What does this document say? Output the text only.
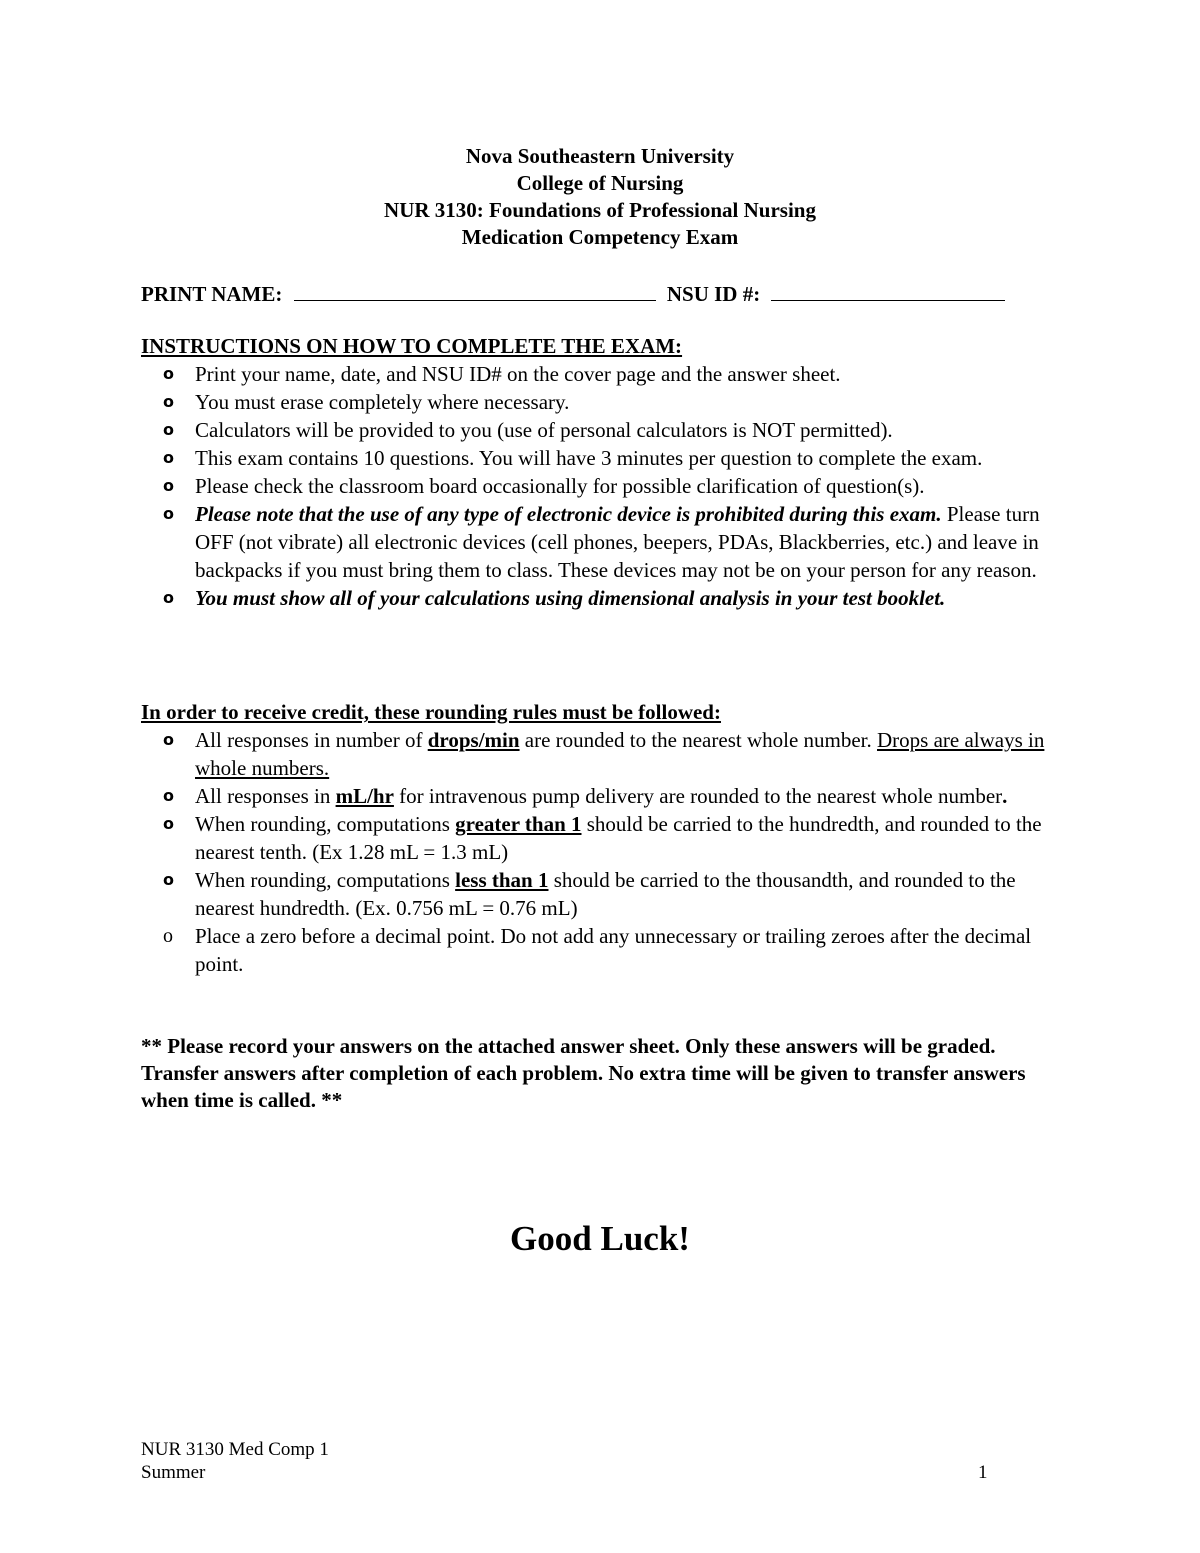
Nova Southeastern University
College of Nursing
NUR 3130: Foundations of Professional Nursing
Medication Competency Exam
PRINT NAME:	NSU ID #:
INSTRUCTIONS ON HOW TO COMPLETE THE EXAM:
o Print your name, date, and NSU ID# on the cover page and the answer sheet.
o You must erase completely where necessary.
o Calculators will be provided to you (use of personal calculators is NOT permitted).
o This exam contains 10 questions. You will have 3 minutes per question to complete the exam.
o Please check the classroom board occasionally for possible clarification of question(s).
o Please note that the use of any type of electronic device is prohibited during this exam. Please turn OFF (not vibrate) all electronic devices (cell phones, beepers, PDAs, Blackberries, etc.) and leave in backpacks if you must bring them to class. These devices may not be on your person for any reason.
o You must show all of your calculations using dimensional analysis in your test booklet.
In order to receive credit, these rounding rules must be followed:
o All responses in number of drops/min are rounded to the nearest whole number. Drops are always in whole numbers.
o All responses in mL/hr for intravenous pump delivery are rounded to the nearest whole number.
o When rounding, computations greater than 1 should be carried to the hundredth, and rounded to the nearest tenth. (Ex 1.28 mL = 1.3 mL)
o When rounding, computations less than 1 should be carried to the thousandth, and rounded to the nearest hundredth. (Ex. 0.756 mL = 0.76 mL)
o Place a zero before a decimal point. Do not add any unnecessary or trailing zeroes after the decimal point.
** Please record your answers on the attached answer sheet. Only these answers will be graded. Transfer answers after completion of each problem. No extra time will be given to transfer answers when time is called. **
Good Luck!
NUR 3130 Med Comp 1
Summer	1
